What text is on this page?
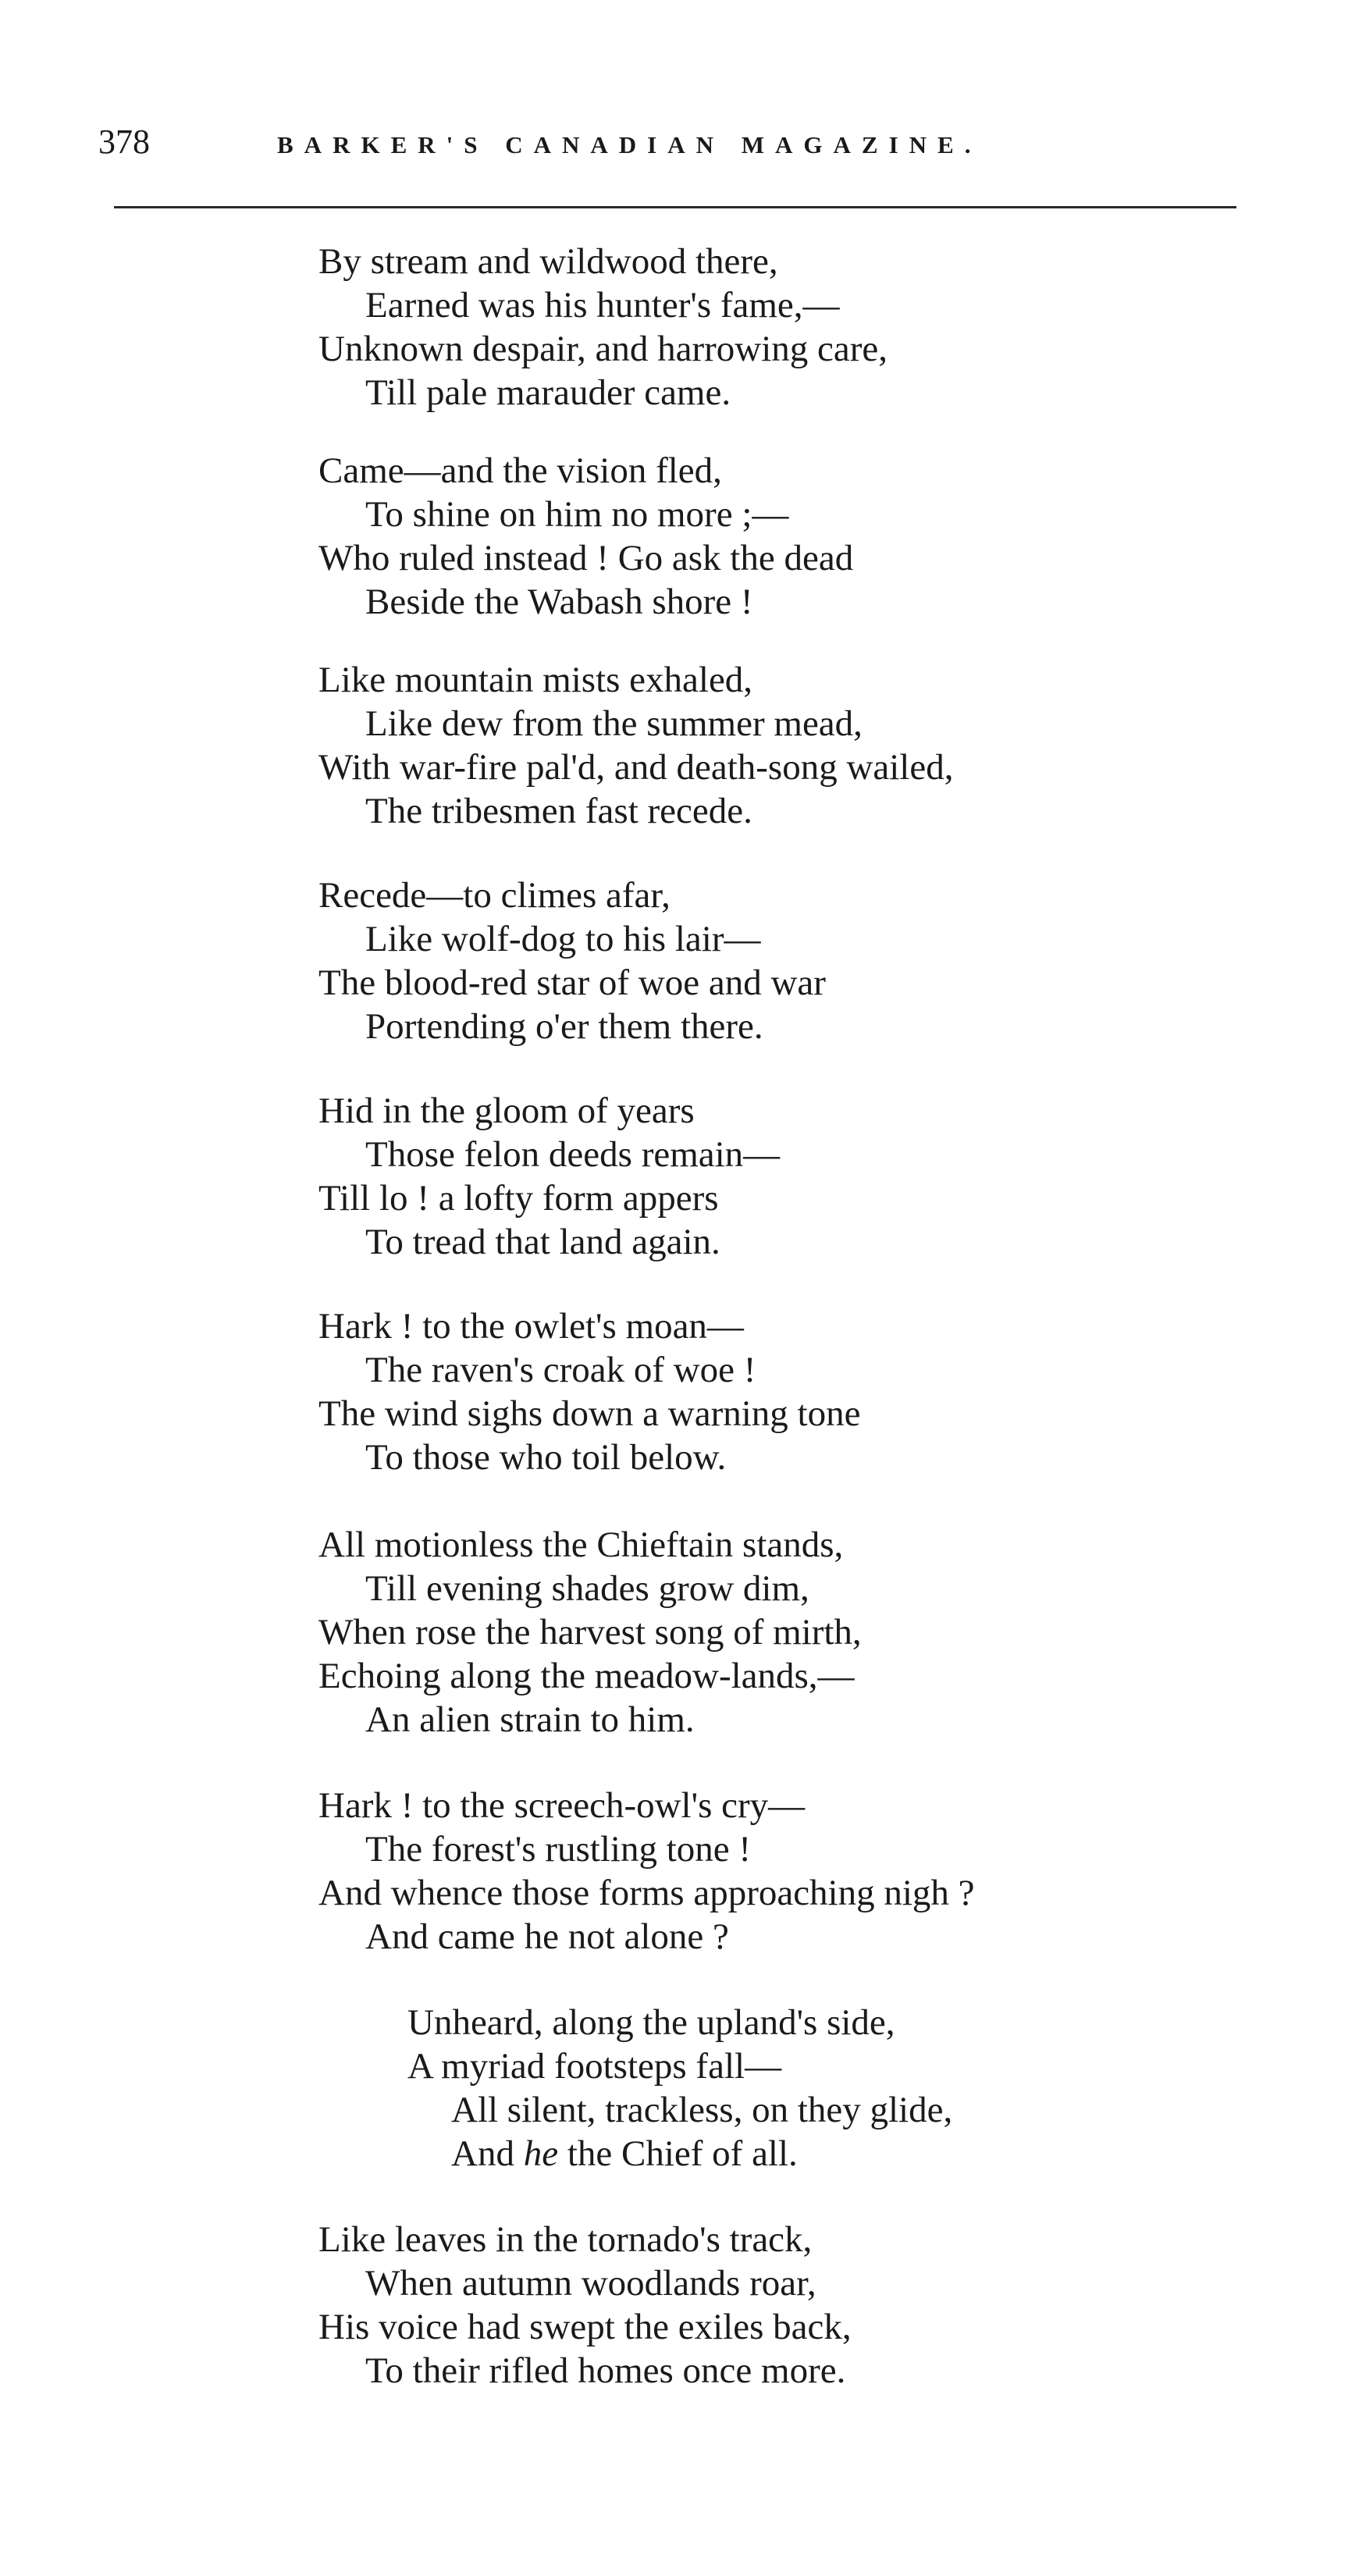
378	BARKER'S CANADIAN MAGAZINE.
By stream and wildwood there,
Earned was his hunter's fame,—
Unknown despair, and harrowing care,
Till pale marauder came.
Came—and the vision fled,
To shine on him no more ;—
Who ruled instead ! Go ask the dead
Beside the Wabash shore !
Like mountain mists exhaled,
Like dew from the summer mead,
With war-fire pal'd, and death-song wailed,
The tribesmen fast recede.
Recede—to climes afar,
Like wolf-dog to his lair—
The blood-red star of woe and war
Portending o'er them there.
Hid in the gloom of years
Those felon deeds remain—
Till lo ! a lofty form appers
To tread that land again.
Hark ! to the owlet's moan—
The raven's croak of woe !
The wind sighs down a warning tone
To those who toil below.
All motionless the Chieftain stands,
Till evening shades grow dim,
When rose the harvest song of mirth,
Echoing along the meadow-lands,—
An alien strain to him.
Hark ! to the screech-owl's cry—
The forest's rustling tone !
And whence those forms approaching nigh ?
And came he not alone ?
Unheard, along the upland's side,
A myriad footsteps fall—
All silent, trackless, on they glide,
And he the Chief of all.
Like leaves in the tornado's track,
When autumn woodlands roar,
His voice had swept the exiles back,
To their rifled homes once more.
